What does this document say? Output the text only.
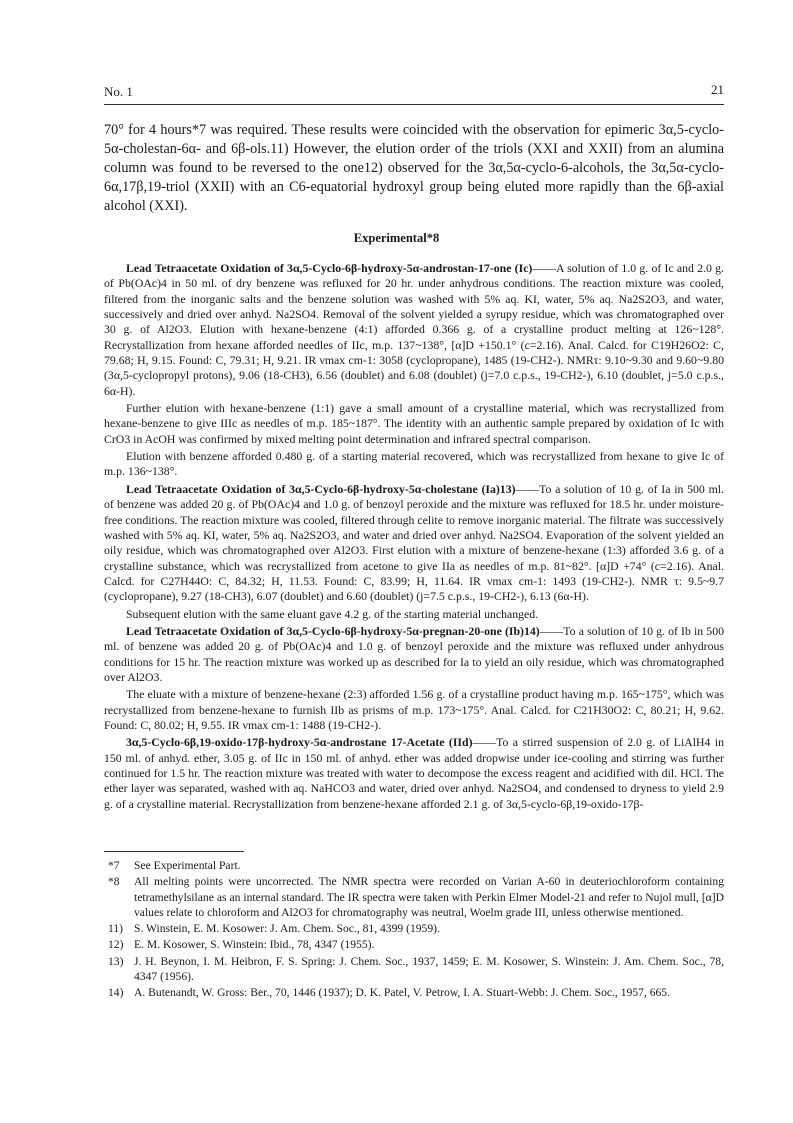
No. 1	21

70° for 4 hours*7 was required. These results were coincided with the observation for epimeric 3α,5-cyclo-5α-cholestan-6α- and 6β-ols.11) However, the elution order of the triols (XXI and XXII) from an alumina column was found to be reversed to the one12) observed for the 3α,5α-cyclo-6-alcohols, the 3α,5α-cyclo-6α,17β,19-triol (XXII) with an C6-equatorial hydroxyl group being eluted more rapidly than the 6β-axial alcohol (XXI).

Experimental*8

Lead Tetraacetate Oxidation of 3α,5-Cyclo-6β-hydroxy-5α-androstan-17-one (Ic)——A solution of 1.0 g. of Ic and 2.0 g. of Pb(OAc)4 in 50 ml. of dry benzene was refluxed for 20 hr. under anhydrous conditions. The reaction mixture was cooled, filtered from the inorganic salts and the benzene solution was washed with 5% aq. KI, water, 5% aq. Na2S2O3, and water, successively and dried over anhyd. Na2SO4. Removal of the solvent yielded a syrupy residue, which was chromatographed over 30 g. of Al2O3. Elution with hexane-benzene (4:1) afforded 0.366 g. of a crystalline product melting at 126~128°. Recrystallization from hexane afforded needles of IIc, m.p. 137~138°, [α]D +150.1° (c=2.16). Anal. Calcd. for C19H26O2: C, 79.68; H, 9.15. Found: C, 79.31; H, 9.21. IR νmax cm-1: 3058 (cyclopropane), 1485 (19-CH2-). NMRτ: 9.10~9.30 and 9.60~9.80 (3α,5-cyclopropyl protons), 9.06 (18-CH3), 6.56 (doublet) and 6.08 (doublet) (j=7.0 c.p.s., 19-CH2-), 6.10 (doublet, j=5.0 c.p.s., 6α-H).

Further elution with hexane-benzene (1:1) gave a small amount of a crystalline material, which was recrystallized from hexane-benzene to give IIIc as needles of m.p. 185~187°. The identity with an authentic sample prepared by oxidation of Ic with CrO3 in AcOH was confirmed by mixed melting point determination and infrared spectral comparison.

Elution with benzene afforded 0.480 g. of a starting material recovered, which was recrystallized from hexane to give Ic of m.p. 136~138°.

Lead Tetraacetate Oxidation of 3α,5-Cyclo-6β-hydroxy-5α-cholestane (Ia)13)——To a solution of 10 g. of Ia in 500 ml. of benzene was added 20 g. of Pb(OAc)4 and 1.0 g. of benzoyl peroxide and the mixture was refluxed for 18.5 hr. under moisture-free conditions. The reaction mixture was cooled, filtered through celite to remove inorganic material. The filtrate was successively washed with 5% aq. KI, water, 5% aq. Na2S2O3, and water and dried over anhyd. Na2SO4. Evaporation of the solvent yielded an oily residue, which was chromatographed over Al2O3. First elution with a mixture of benzene-hexane (1:3) afforded 3.6 g. of a crystalline substance, which was recrystallized from acetone to give IIa as needles of m.p. 81~82°. [α]D +74° (c=2.16). Anal. Calcd. for C27H44O: C, 84.32; H, 11.53. Found: C, 83.99; H, 11.64. IR νmax cm-1: 1493 (19-CH2-). NMR τ: 9.5~9.7 (cyclopropane), 9.27 (18-CH3), 6.07 (doublet) and 6.60 (doublet) (j=7.5 c.p.s., 19-CH2-), 6.13 (6α-H).

Subsequent elution with the same eluant gave 4.2 g. of the starting material unchanged.

Lead Tetraacetate Oxidation of 3α,5-Cyclo-6β-hydroxy-5α-pregnan-20-one (Ib)14)——To a solution of 10 g. of Ib in 500 ml. of benzene was added 20 g. of Pb(OAc)4 and 1.0 g. of benzoyl peroxide and the mixture was refluxed under anhydrous conditions for 15 hr. The reaction mixture was worked up as described for Ia to yield an oily residue, which was chromatographed over Al2O3.

The eluate with a mixture of benzene-hexane (2:3) afforded 1.56 g. of a crystalline product having m.p. 165~175°, which was recrystallized from benzene-hexane to furnish IIb as prisms of m.p. 173~175°. Anal. Calcd. for C21H30O2: C, 80.21; H, 9.62. Found: C, 80.02; H, 9.55. IR νmax cm-1: 1488 (19-CH2-).

3α,5-Cyclo-6β,19-oxido-17β-hydroxy-5α-androstane 17-Acetate (IId)——To a stirred suspension of 2.0 g. of LiAlH4 in 150 ml. of anhyd. ether, 3.05 g. of IIc in 150 ml. of anhyd. ether was added dropwise under ice-cooling and stirring was further continued for 1.5 hr. The reaction mixture was treated with water to decompose the excess reagent and acidified with dil. HCl. The ether layer was separated, washed with aq. NaHCO3 and water, dried over anhyd. Na2SO4, and condensed to dryness to yield 2.9 g. of a crystalline material. Recrystallization from benzene-hexane afforded 2.1 g. of 3α,5-cyclo-6β,19-oxido-17β-

*7 See Experimental Part.
*8 All melting points were uncorrected. The NMR spectra were recorded on Varian A-60 in deuteriochloroform containing tetramethylsilane as an internal standard. The IR spectra were taken with Perkin Elmer Model-21 and refer to Nujol mull, [α]D values relate to chloroform and Al2O3 for chromatography was neutral, Woelm grade III, unless otherwise mentioned.
11) S. Winstein, E. M. Kosower: J. Am. Chem. Soc., 81, 4399 (1959).
12) E. M. Kosower, S. Winstein: Ibid., 78, 4347 (1955).
13) J. H. Beynon, I. M. Heibron, F. S. Spring: J. Chem. Soc., 1937, 1459; E. M. Kosower, S. Winstein: J. Am. Chem. Soc., 78, 4347 (1956).
14) A. Butenandt, W. Gross: Ber., 70, 1446 (1937); D. K. Patel, V. Petrow, I. A. Stuart-Webb: J. Chem. Soc., 1957, 665.
